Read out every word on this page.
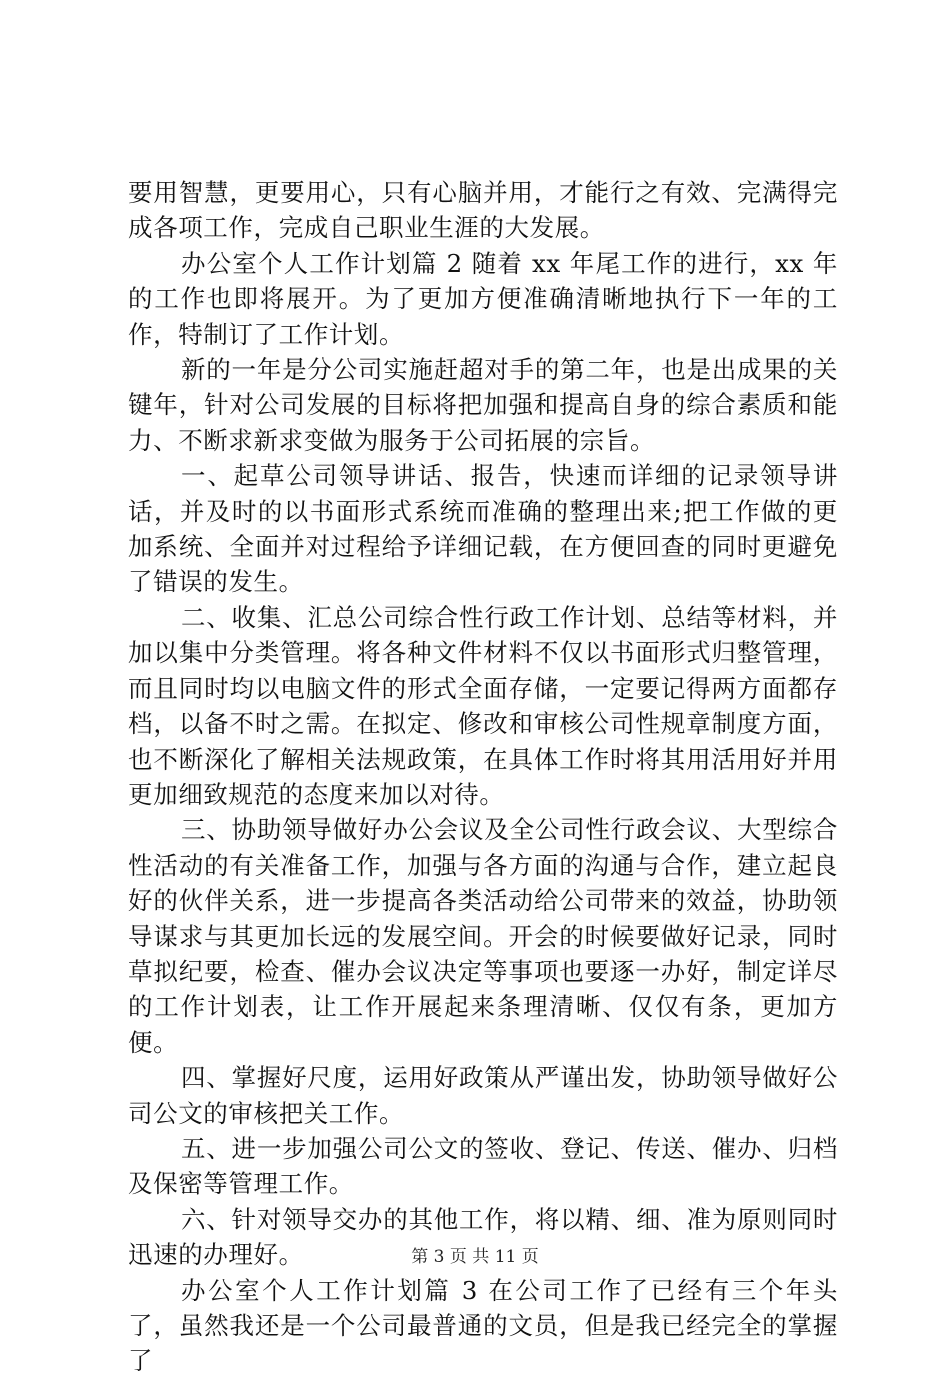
要用智慧，更要用心，只有心脑并用，才能行之有效、完满得完成各项工作，完成自己职业生涯的大发展。

办公室个人工作计划篇 2 随着 xx 年尾工作的进行，xx 年的工作也即将展开。为了更加方便准确清晰地执行下一年的工作，特制订了工作计划。

新的一年是分公司实施赶超对手的第二年，也是出成果的关键年，针对公司发展的目标将把加强和提高自身的综合素质和能力、不断求新求变做为服务于公司拓展的宗旨。

一、起草公司领导讲话、报告，快速而详细的记录领导讲话，并及时的以书面形式系统而准确的整理出来;把工作做的更加系统、全面并对过程给予详细记载，在方便回查的同时更避免了错误的发生。

二、收集、汇总公司综合性行政工作计划、总结等材料，并加以集中分类管理。将各种文件材料不仅以书面形式归整管理，而且同时均以电脑文件的形式全面存储，一定要记得两方面都存档，以备不时之需。在拟定、修改和审核公司性规章制度方面，也不断深化了解相关法规政策，在具体工作时将其用活用好并用更加细致规范的态度来加以对待。

三、协助领导做好办公会议及全公司性行政会议、大型综合性活动的有关准备工作，加强与各方面的沟通与合作，建立起良好的伙伴关系，进一步提高各类活动给公司带来的效益，协助领导谋求与其更加长远的发展空间。开会的时候要做好记录，同时草拟纪要，检查、催办会议决定等事项也要逐一办好，制定详尽的工作计划表，让工作开展起来条理清晰、仅仅有条，更加方便。

四、掌握好尺度，运用好政策从严谨出发，协助领导做好公司公文的审核把关工作。

五、进一步加强公司公文的签收、登记、传送、催办、归档及保密等管理工作。

六、针对领导交办的其他工作，将以精、细、准为原则同时迅速的办理好。

办公室个人工作计划篇 3 在公司工作了已经有三个年头了，虽然我还是一个公司最普通的文员，但是我已经完全的掌握了

第 3 页 共 11 页
